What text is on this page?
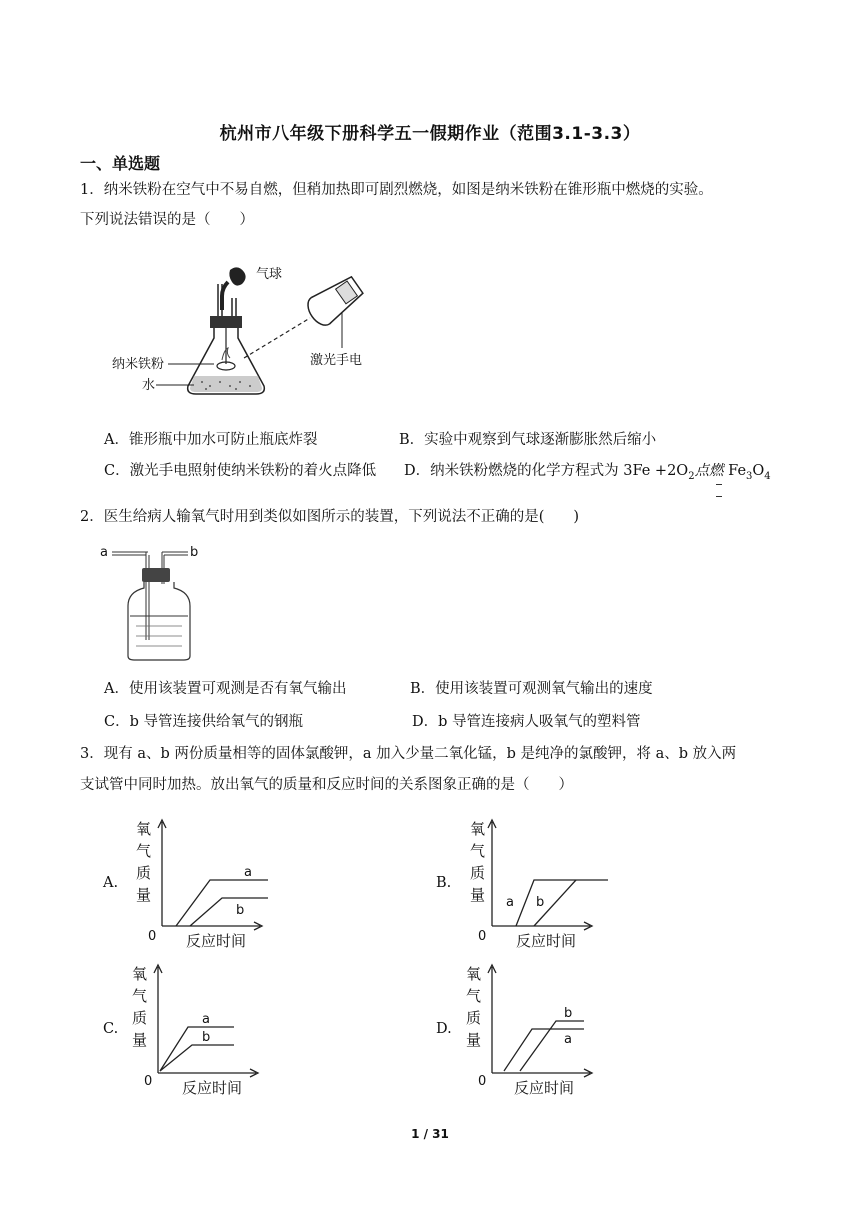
杭州市八年级下册科学五一假期作业（范围3.1-3.3）
一、单选题
1．纳米铁粉在空气中不易自燃，但稍加热即可剧烈燃烧，如图是纳米铁粉在锥形瓶中燃烧的实验。
下列说法错误的是（　　）
纳米铁粉
水
气球
激光手电
A．锥形瓶中加水可防止瓶底炸裂	B．实验中观察到气球逐渐膨胀然后缩小
C．激光手电照射使纳米铁粉的着火点降低 D．纳米铁粉燃烧的化学方程式为 $3Fe +2O_2$点燃 $Fe_3O_4$
2．医生给病人输氧气时用到类似如图所示的装置，下列说法不正确的是(　　)
a	b
A．使用该装置可观测是否有氧气输出	B．使用该装置可观测氧气输出的速度
C．b 导管连接供给氧气的钢瓶	D．b 导管连接病人吸氧气的塑料管
3．现有 a、b 两份质量相等的固体氯酸钾，a 加入少量二氧化锰，b 是纯净的氯酸钾，将 a、b 放入两
支试管中同时加热。放出氧气的质量和反应时间的关系图象正确的是（　　）
A.
氧
气
质
量
0 反应时间
a
b
B.
氧
气
质
量
0 反应时间
a b
C.
氧
气
质
量
0 反应时间
a
b
D.
氧
气
质
量
0 反应时间
b
a
1 / 31
